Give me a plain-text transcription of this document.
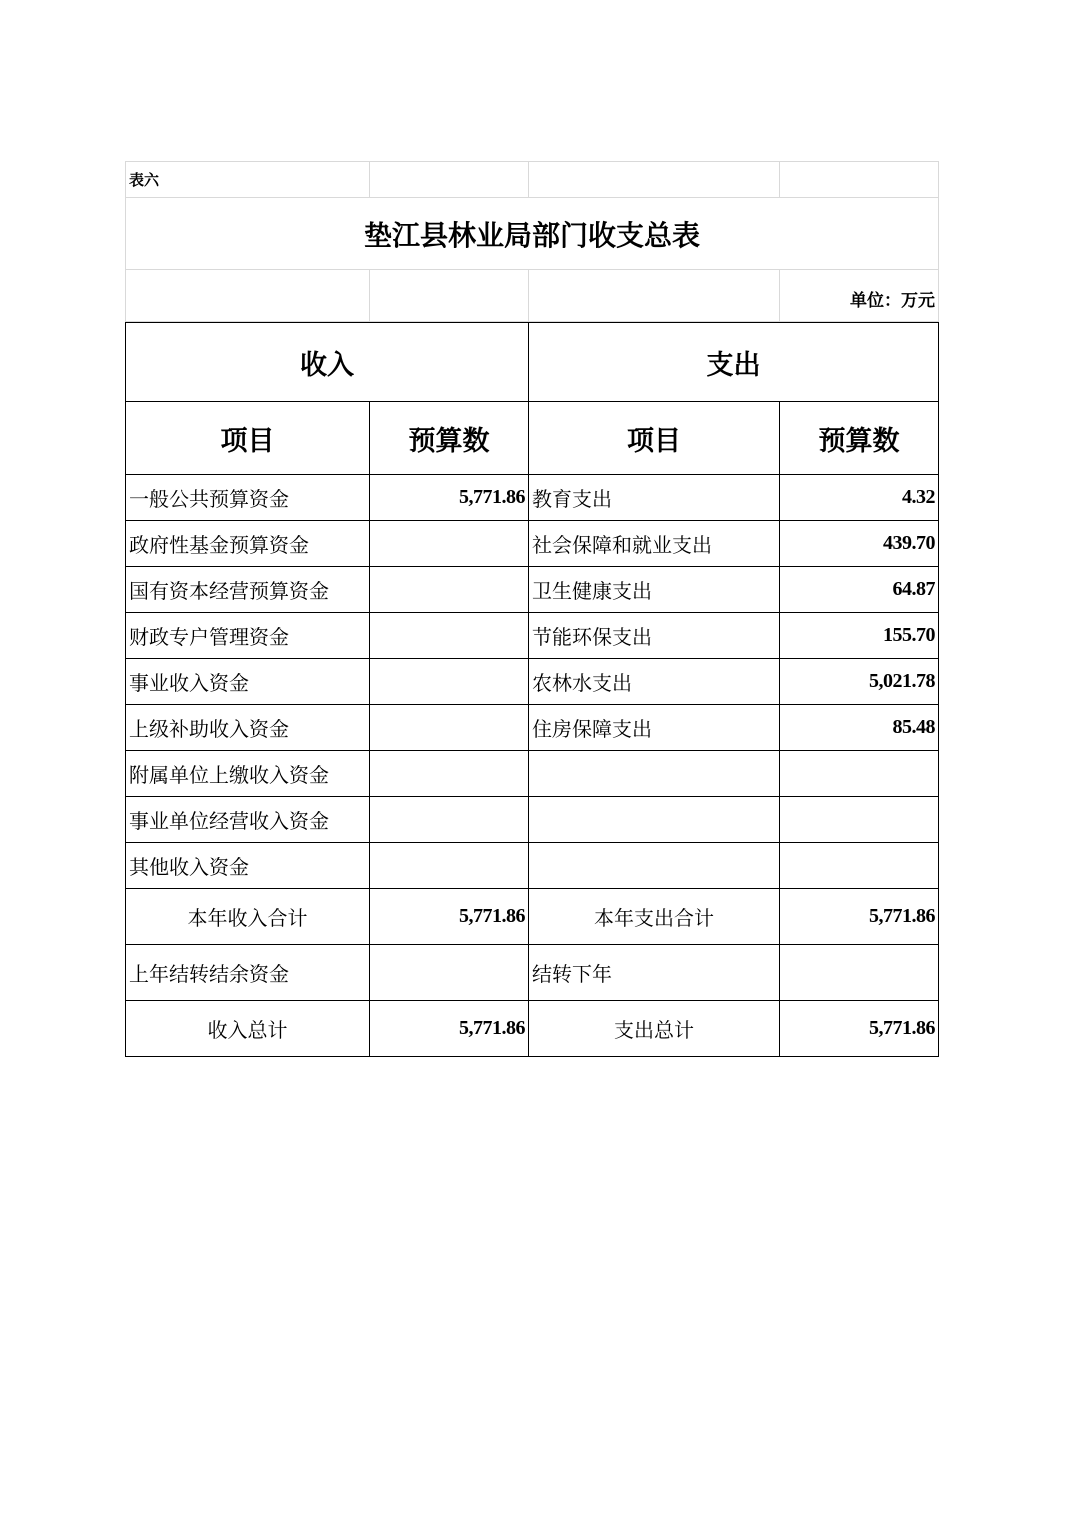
表六			
垫江县林业局部门收支总表			
			单位：万元
收入		支出	
项目	预算数	项目	预算数
一般公共预算资金	5,771.86	教育支出	4.32
政府性基金预算资金		社会保障和就业支出	439.70
国有资本经营预算资金		卫生健康支出	64.87
财政专户管理资金		节能环保支出	155.70
事业收入资金		农林水支出	5,021.78
上级补助收入资金		住房保障支出	85.48
附属单位上缴收入资金			
事业单位经营收入资金			
其他收入资金			
本年收入合计	5,771.86	本年支出合计	5,771.86
上年结转结余资金		结转下年	
收入总计	5,771.86	支出总计	5,771.86
